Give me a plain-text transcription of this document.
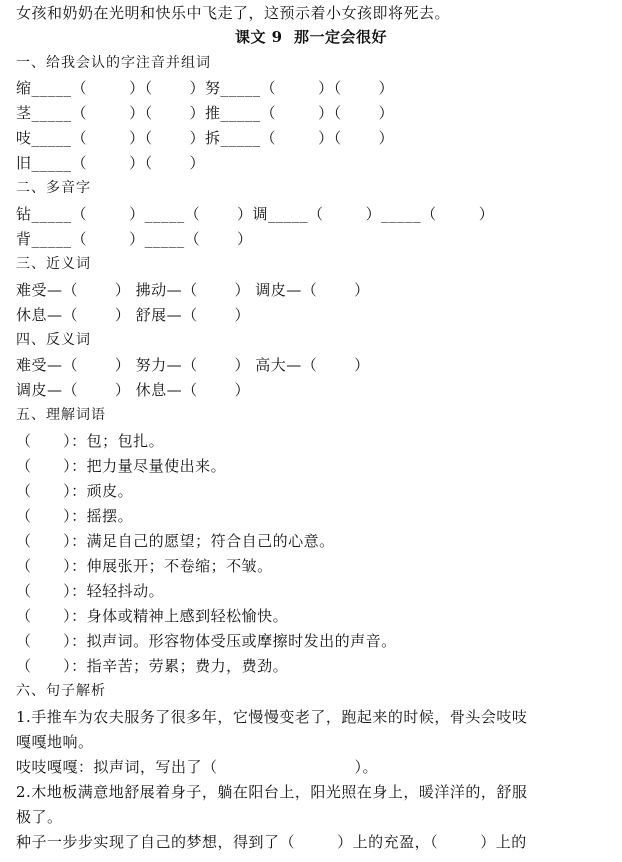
女孩和奶奶在光明和快乐中飞走了，这预示着小女孩即将死去。
课文 9  那一定会很好
一、给我会认的字注音并组词
缩_____（        ）（       ）努_____（        ）（       ）
茎_____（        ）（       ）推_____（        ）（       ）
吱_____（        ）（       ）拆_____（        ）（       ）
旧_____（        ）（       ）
二、多音字
钻_____（        ）_____（       ）调_____（        ）_____（        ）
背_____（        ）_____（       ）
三、近义词
难受—（       ） 拂动—（       ） 调皮—（       ）
休息—（       ） 舒展—（       ）
四、反义词
难受—（       ） 努力—（       ） 高大—（       ）
调皮—（       ） 休息—（       ）
五、理解词语
（      ）：包；包扎。
（      ）：把力量尽量使出来。
（      ）：顽皮。
（      ）：摇摆。
（      ）：满足自己的愿望；符合自己的心意。
（      ）：伸展张开；不卷缩；不皱。
（      ）：轻轻抖动。
（      ）：身体或精神上感到轻松愉快。
（      ）：拟声词。形容物体受压或摩擦时发出的声音。
（      ）：指辛苦；劳累；费力，费劲。
六、句子解析
1.手推车为农夫服务了很多年，它慢慢变老了，跑起来的时候，骨头会吱吱
嘎嘎地响。
吱吱嘎嘎：拟声词，写出了（                          ）。
2.木地板满意地舒展着身子，躺在阳台上，阳光照在身上，暖洋洋的，舒服
极了。
种子一步步实现了自己的梦想，得到了（        ）上的充盈，（        ）上的
